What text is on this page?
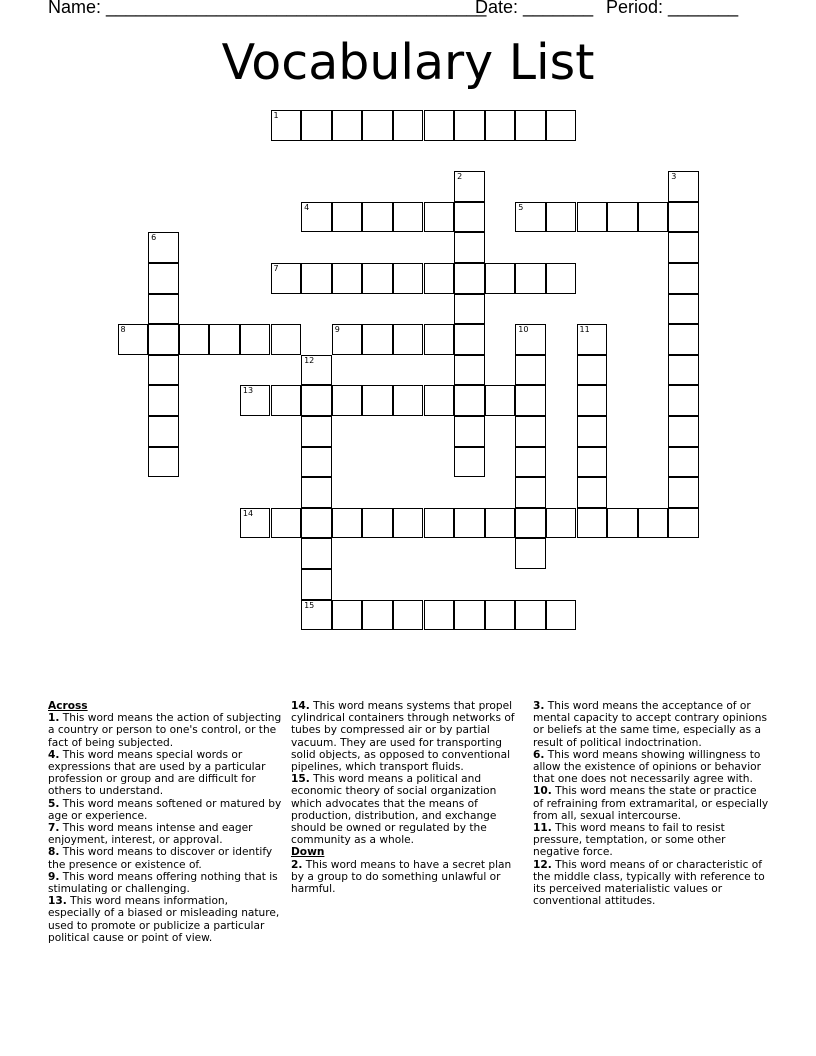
Name: ______________________________________
Date: _______ Period: _______
Vocabulary List
1
2	3
4	5
6
7
8	9	10	11
12
15
13
14
Across
1. This word means the action of subjecting a country or person to one's control, or the fact of being subjected.
4. This word means special words or expressions that are used by a particular profession or group and are difficult for others to understand.
5. This word means softened or matured by age or experience.
7. This word means intense and eager enjoyment, interest, or approval.
8. This word means to discover or identify the presence or existence of.
9. This word means offering nothing that is stimulating or challenging.
13. This word means information, especially of a biased or misleading nature, used to promote or publicize a particular political cause or point of view.
14. This word means systems that propel cylindrical containers through networks of tubes by compressed air or by partial vacuum. They are used for transporting solid objects, as opposed to conventional pipelines, which transport fluids.
15. This word means a political and economic theory of social organization which advocates that the means of production, distribution, and exchange should be owned or regulated by the community as a whole.
Down
2. This word means to have a secret plan by a group to do something unlawful or harmful.
3. This word means the acceptance of or mental capacity to accept contrary opinions or beliefs at the same time, especially as a result of political indoctrination.
6. This word means showing willingness to allow the existence of opinions or behavior that one does not necessarily agree with.
10. This word means the state or practice of refraining from extramarital, or especially from all, sexual intercourse.
11. This word means to fail to resist pressure, temptation, or some other negative force.
12. This word means of or characteristic of the middle class, typically with reference to its perceived materialistic values or conventional attitudes.
